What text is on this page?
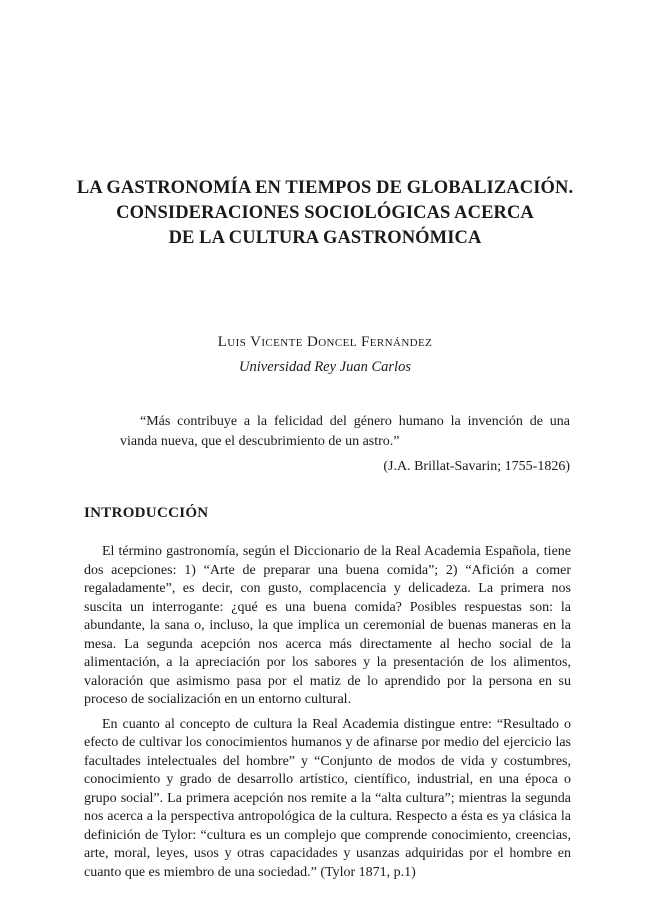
LA GASTRONOMÍA EN TIEMPOS DE GLOBALIZACIÓN.
CONSIDERACIONES SOCIOLÓGICAS ACERCA
DE LA CULTURA GASTRONÓMICA
Luis Vicente Doncel Fernández
Universidad Rey Juan Carlos

“Más contribuye a la felicidad del género humano la invención de una vianda nueva, que el descubrimiento de un astro.”

(J.A. Brillat-Savarin; 1755-1826)
INTRODUCCIÓN

El término gastronomía, según el Diccionario de la Real Academia Española, tiene dos acepciones: 1) “Arte de preparar una buena comida”; 2) “Afición a comer regaladamente”, es decir, con gusto, complacencia y delicadeza. La primera nos suscita un interrogante: ¿qué es una buena comida? Posibles respuestas son: la abundante, la sana o, incluso, la que implica un ceremonial de buenas maneras en la mesa. La segunda acepción nos acerca más directamente al hecho social de la alimentación, a la apreciación por los sabores y la presentación de los alimentos, valoración que asimismo pasa por el matiz de lo aprendido por la persona en su proceso de socialización en un entorno cultural.

En cuanto al concepto de cultura la Real Academia distingue entre: “Resultado o efecto de cultivar los conocimientos humanos y de afinarse por medio del ejercicio las facultades intelectuales del hombre” y “Conjunto de modos de vida y costumbres, conocimiento y grado de desarrollo artístico, científico, industrial, en una época o grupo social”. La primera acepción nos remite a la “alta cultura”; mientras la segunda nos acerca a la perspectiva antropológica de la cultura. Respecto a ésta es ya clásica la definición de Tylor: “cultura es un complejo que comprende conocimiento, creencias, arte, moral, leyes, usos y otras capacidades y usanzas adquiridas por el hombre en cuanto que es miembro de una sociedad.” (Tylor 1871, p.1)
